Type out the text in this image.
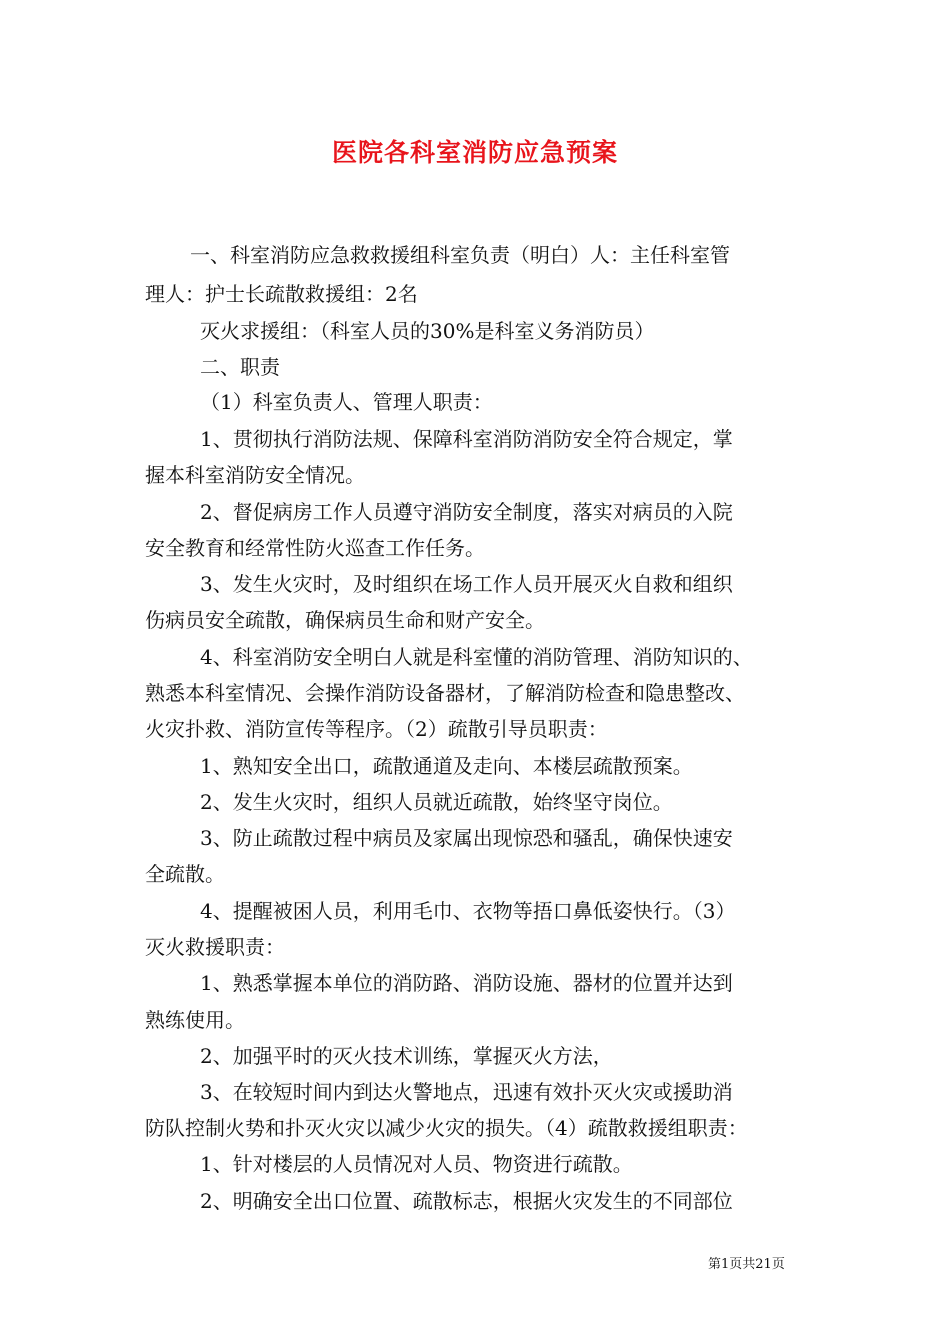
医院各科室消防应急预案
一、科室消防应急救救援组科室负责（明白）人：主任科室管
理人：护士长疏散救援组：2名
灭火求援组：（科室人员的30%是科室义务消防员）
二、职责
（1）科室负责人、管理人职责：
1、贯彻执行消防法规、保障科室消防消防安全符合规定，掌
握本科室消防安全情况。
2、督促病房工作人员遵守消防安全制度，落实对病员的入院
安全教育和经常性防火巡查工作任务。
3、发生火灾时，及时组织在场工作人员开展灭火自救和组织
伤病员安全疏散，确保病员生命和财产安全。
4、科室消防安全明白人就是科室懂的消防管理、消防知识的、
熟悉本科室情况、会操作消防设备器材，了解消防检查和隐患整改、
火灾扑救、消防宣传等程序。（2）疏散引导员职责：
1、熟知安全出口，疏散通道及走向、本楼层疏散预案。
2、发生火灾时，组织人员就近疏散，始终坚守岗位。
3、防止疏散过程中病员及家属出现惊恐和骚乱，确保快速安
全疏散。
4、提醒被困人员，利用毛巾、衣物等捂口鼻低姿快行。（3）
灭火救援职责：
1、熟悉掌握本单位的消防路、消防设施、器材的位置并达到
熟练使用。
2、加强平时的灭火技术训练，掌握灭火方法，
3、在较短时间内到达火警地点，迅速有效扑灭火灾或援助消
防队控制火势和扑灭火灾以减少火灾的损失。（4）疏散救援组职责：
1、针对楼层的人员情况对人员、物资进行疏散。
2、明确安全出口位置、疏散标志，根据火灾发生的不同部位
第1页共21页
